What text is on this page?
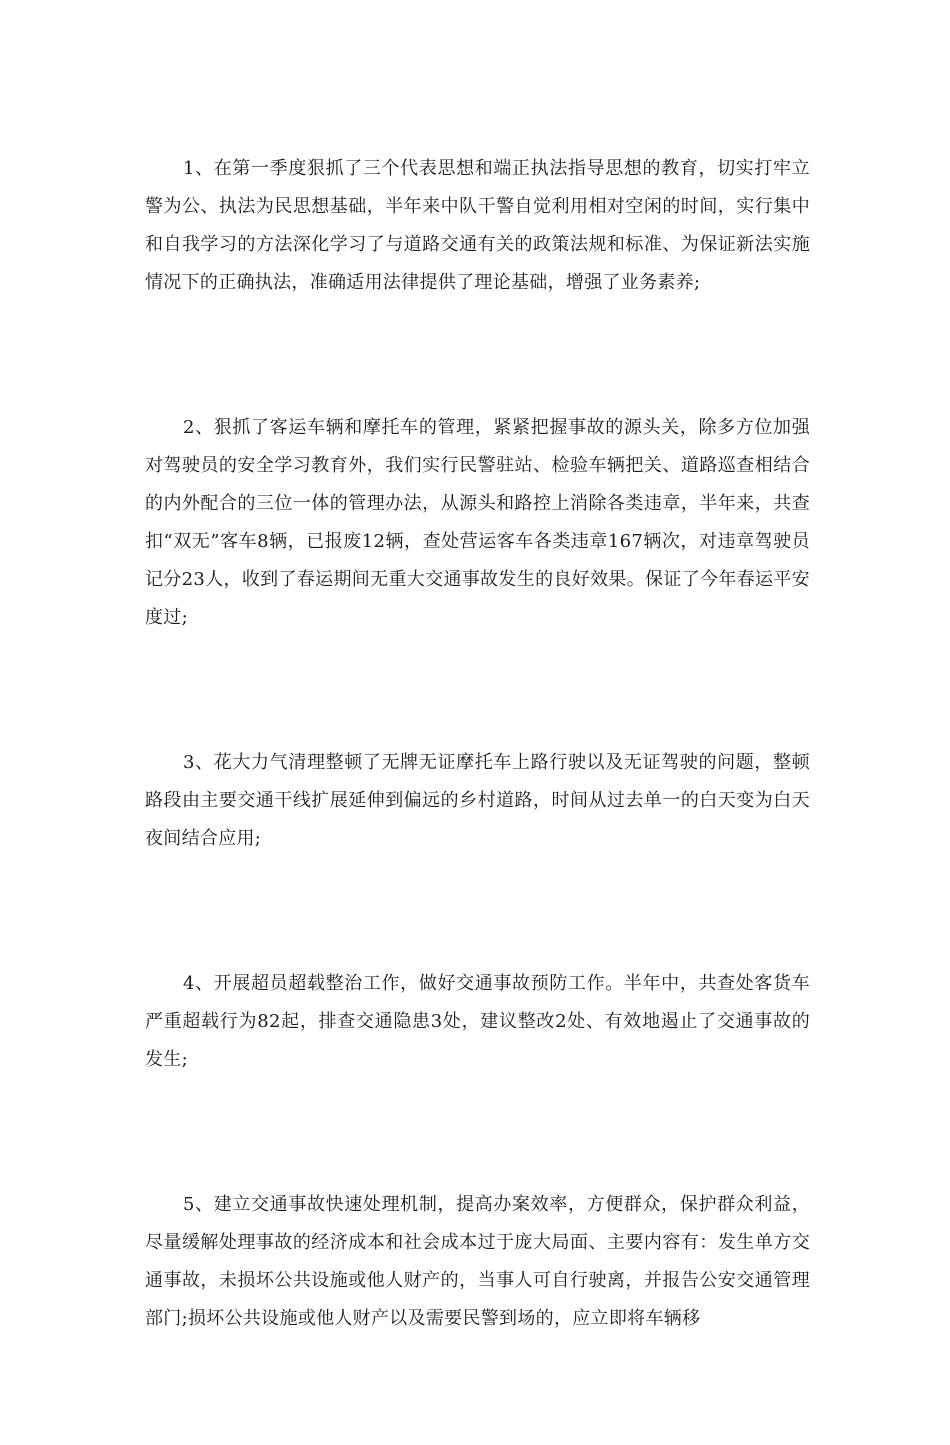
1、在第一季度狠抓了三个代表思想和端正执法指导思想的教育，切实打牢立警为公、执法为民思想基础，半年来中队干警自觉利用相对空闲的时间，实行集中和自我学习的方法深化学习了与道路交通有关的政策法规和标准、为保证新法实施情况下的正确执法，准确适用法律提供了理论基础，增强了业务素养;

2、狠抓了客运车辆和摩托车的管理，紧紧把握事故的源头关，除多方位加强对驾驶员的安全学习教育外，我们实行民警驻站、检验车辆把关、道路巡查相结合的内外配合的三位一体的管理办法，从源头和路控上消除各类违章，半年来，共查扣“双无”客车8辆，已报废12辆，查处营运客车各类违章167辆次，对违章驾驶员记分23人，收到了春运期间无重大交通事故发生的良好效果。保证了今年春运平安度过;

3、花大力气清理整顿了无牌无证摩托车上路行驶以及无证驾驶的问题，整顿路段由主要交通干线扩展延伸到偏远的乡村道路，时间从过去单一的白天变为白天夜间结合应用;

4、开展超员超载整治工作，做好交通事故预防工作。半年中，共查处客货车严重超载行为82起，排查交通隐患3处，建议整改2处、有效地遏止了交通事故的发生;

5、建立交通事故快速处理机制，提高办案效率，方便群众，保护群众利益，尽量缓解处理事故的经济成本和社会成本过于庞大局面、主要内容有：发生单方交通事故，未损坏公共设施或他人财产的，当事人可自行驶离，并报告公安交通管理部门;损坏公共设施或他人财产以及需要民警到场的，应立即将车辆移
